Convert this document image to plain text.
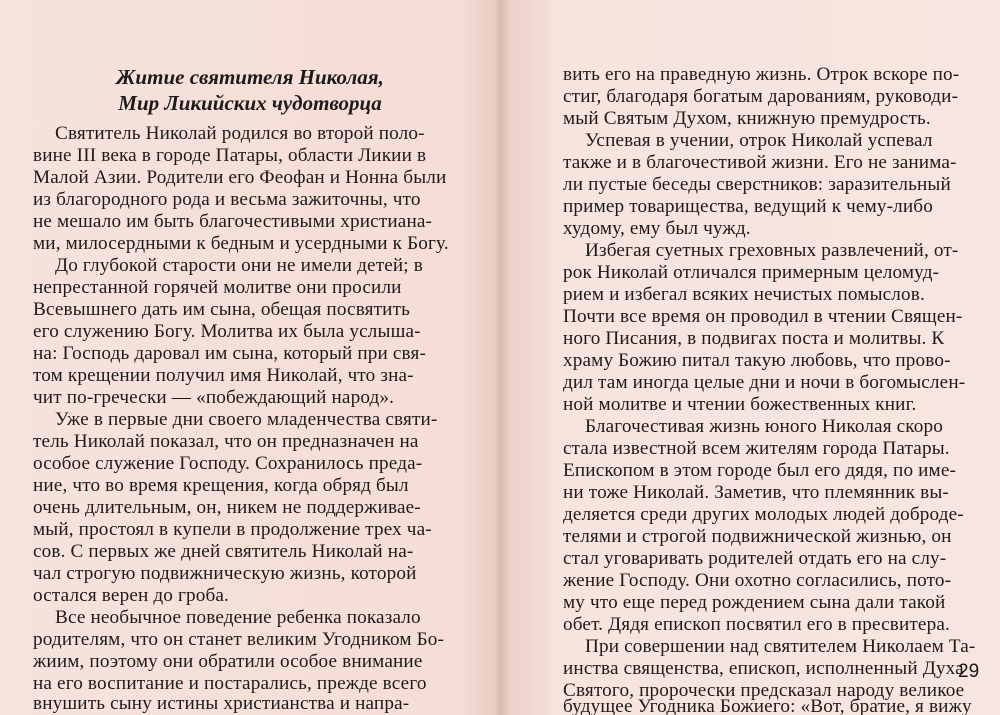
Житие святителя Николая,
Мир Ликийских чудотворца
Святитель Николай родился во второй поло-
вине III века в городе Патары, области Ликии в
Малой Азии. Родители его Феофан и Нонна были
из благородного рода и весьма зажиточны, что
не мешало им быть благочестивыми христиана-
ми, милосердными к бедным и усердными к Богу.
До глубокой старости они не имели детей; в
непрестанной горячей молитве они просили
Всевышнего дать им сына, обещая посвятить
его служению Богу. Молитва их была услыша-
на: Господь даровал им сына, который при свя-
том крещении получил имя Николай, что зна-
чит по-гречески — «побеждающий народ».
Уже в первые дни своего младенчества святи-
тель Николай показал, что он предназначен на
особое служение Господу. Сохранилось преда-
ние, что во время крещения, когда обряд был
очень длительным, он, никем не поддерживае-
мый, простоял в купели в продолжение трех ча-
сов. С первых же дней святитель Николай на-
чал строгую подвижническую жизнь, которой
остался верен до гроба.
Все необычное поведение ребенка показало
родителям, что он станет великим Угодником Бо-
жиим, поэтому они обратили особое внимание
на его воспитание и постарались, прежде всего
внушить сыну истины христианства и напра-
вить его на праведную жизнь. Отрок вскоре по-
стиг, благодаря богатым дарованиям, руководи-
мый Святым Духом, книжную премудрость.
Успевая в учении, отрок Николай успевал
также и в благочестивой жизни. Его не занима-
ли пустые беседы сверстников: заразительный
пример товарищества, ведущий к чему-либо
худому, ему был чужд.
Избегая суетных греховных развлечений, от-
рок Николай отличался примерным целомуд-
рием и избегал всяких нечистых помыслов.
Почти все время он проводил в чтении Священ-
ного Писания, в подвигах поста и молитвы. К
храму Божию питал такую любовь, что прово-
дил там иногда целые дни и ночи в богомыслен-
ной молитве и чтении божественных книг.
Благочестивая жизнь юного Николая скоро
стала известной всем жителям города Патары.
Епископом в этом городе был его дядя, по име-
ни тоже Николай. Заметив, что племянник вы-
деляется среди других молодых людей доброде-
телями и строгой подвижнической жизнью, он
стал уговаривать родителей отдать его на слу-
жение Господу. Они охотно согласились, пото-
му что еще перед рождением сына дали такой
обет. Дядя епископ посвятил его в пресвитера.
При совершении над святителем Николаем Та-
инства священства, епископ, исполненный Духа
Святого, пророчески предсказал народу великое
будущее Угодника Божиего: «Вот, братие, я вижу
29
